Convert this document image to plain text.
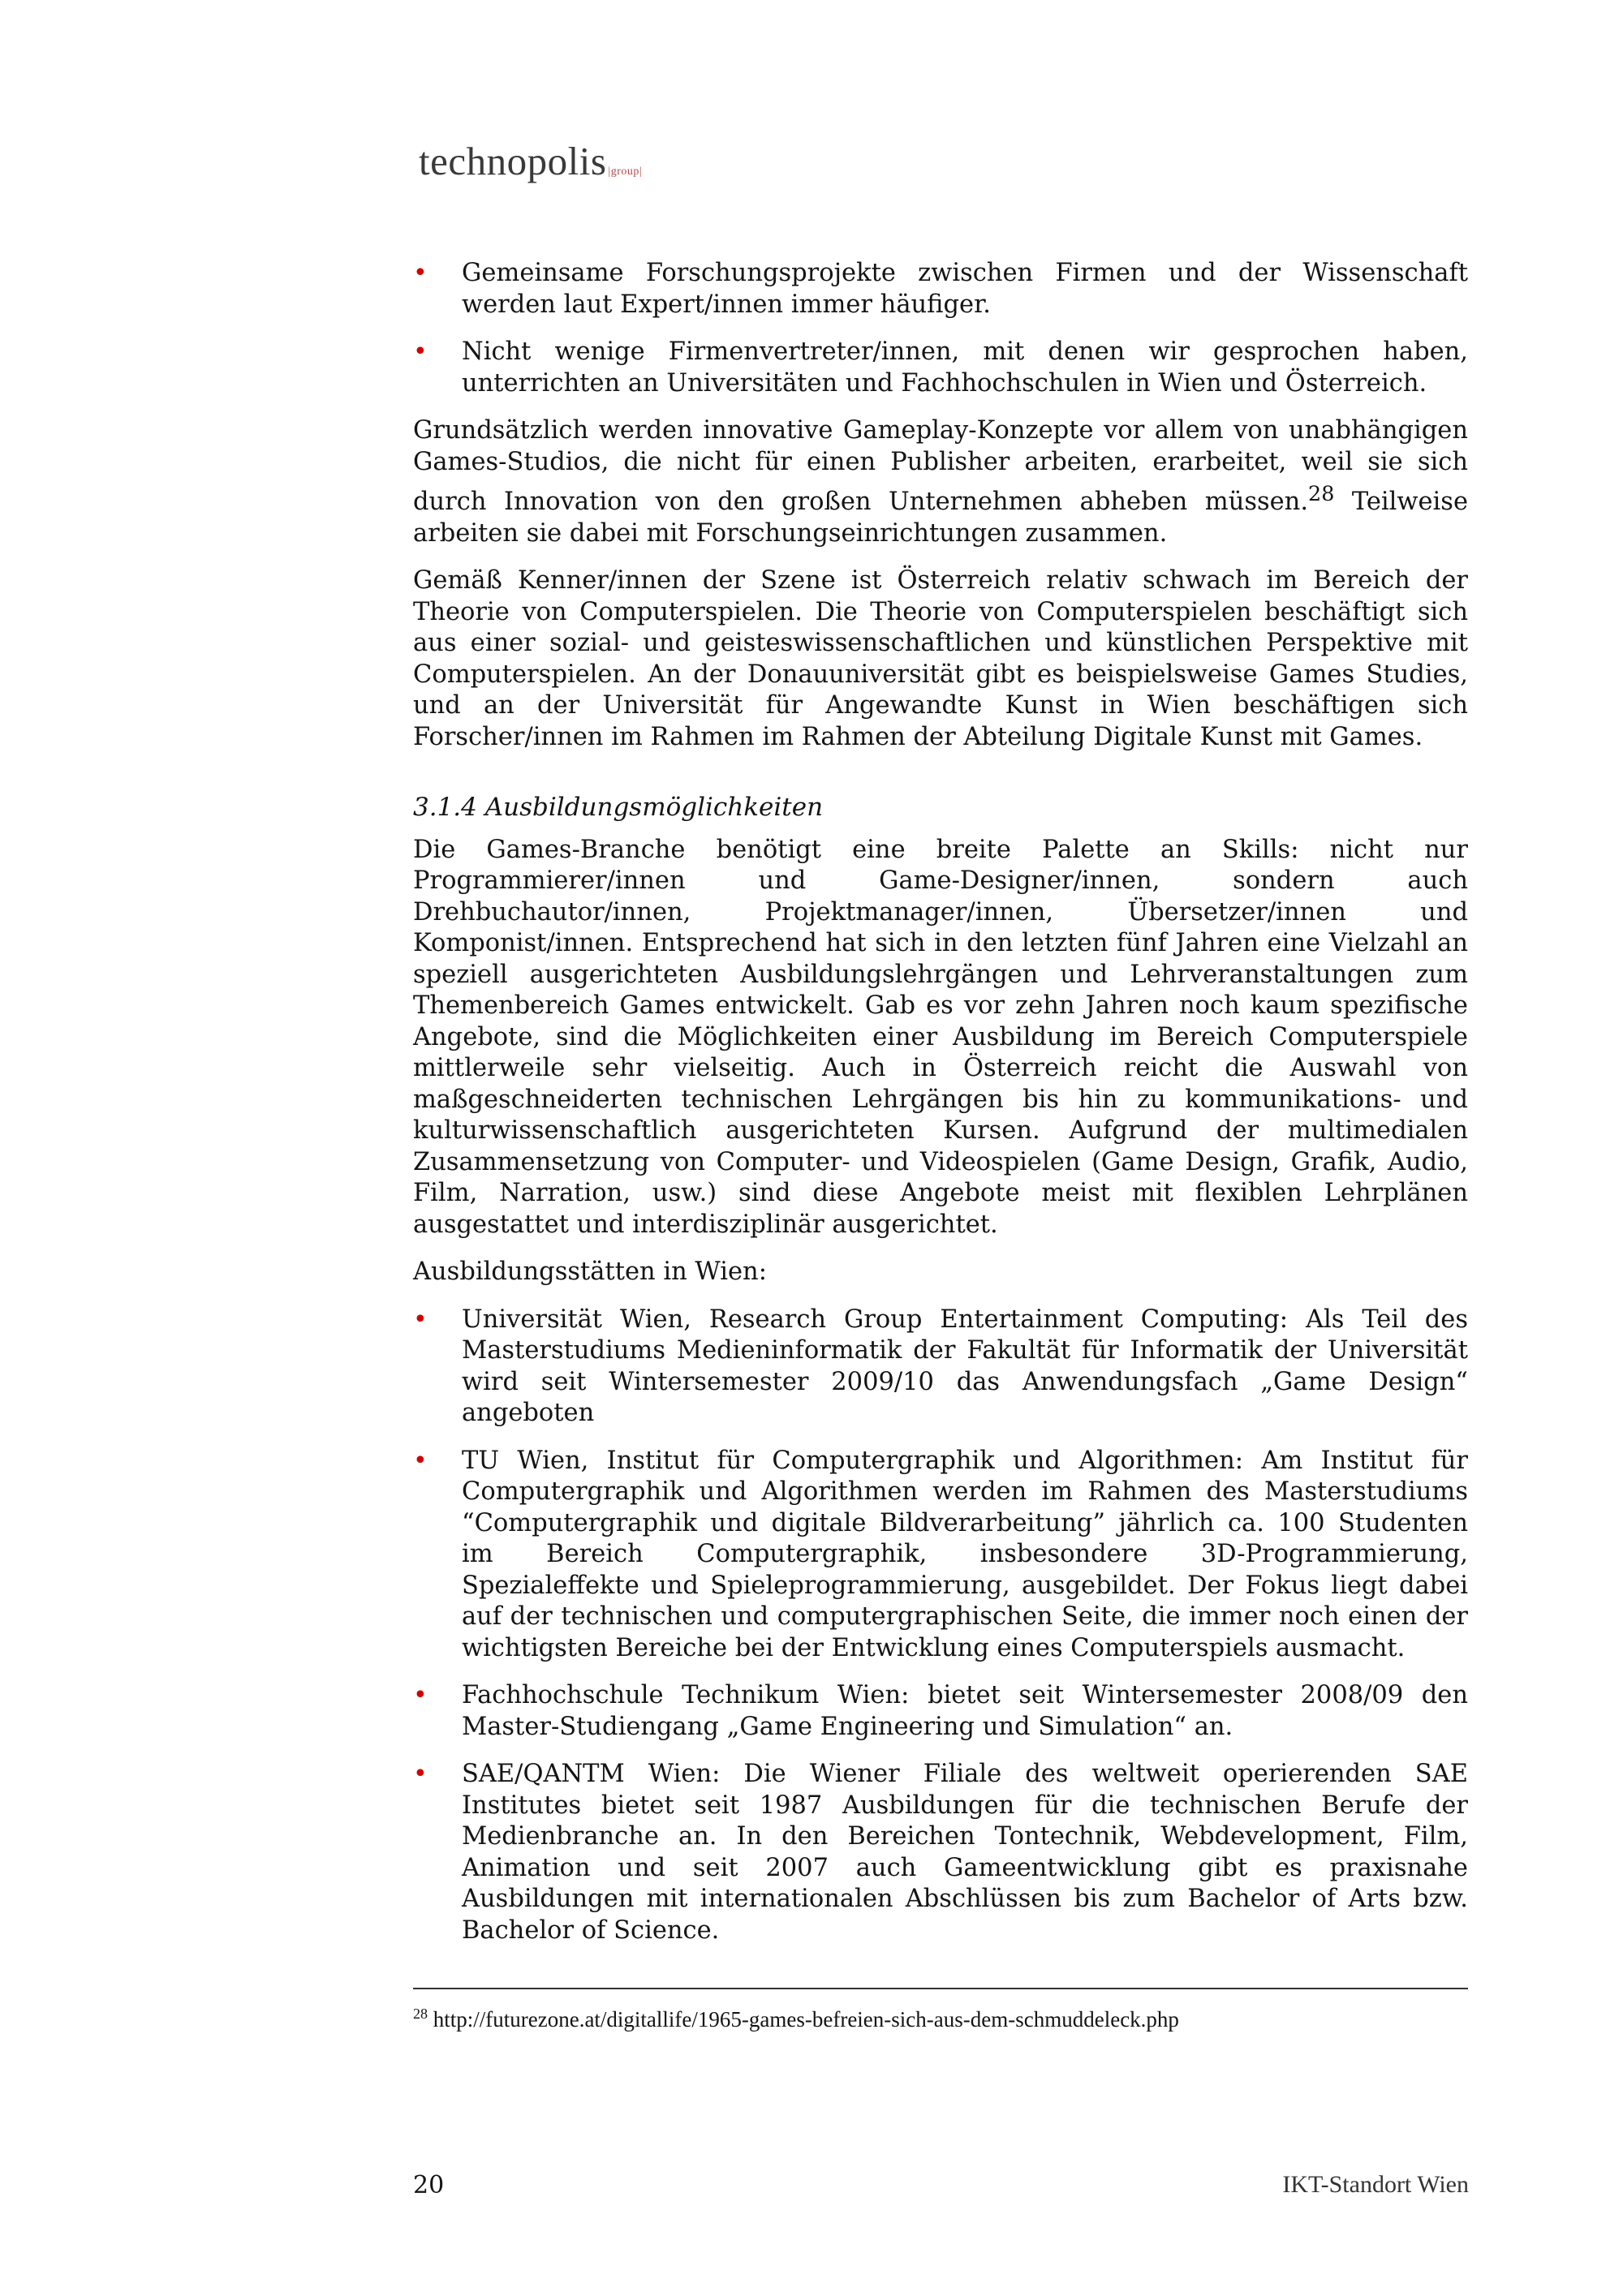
technopolis |group|
• Gemeinsame Forschungsprojekte zwischen Firmen und der Wissenschaft werden laut Expert/innen immer häufiger.
• Nicht wenige Firmenvertreter/innen, mit denen wir gesprochen haben, unterrichten an Universitäten und Fachhochschulen in Wien und Österreich.

Grundsätzlich werden innovative Gameplay-Konzepte vor allem von unabhängigen Games-Studios, die nicht für einen Publisher arbeiten, erarbeitet, weil sie sich durch Innovation von den großen Unternehmen abheben müssen.$^{28}$ Teilweise arbeiten sie dabei mit Forschungseinrichtungen zusammen.

Gemäß Kenner/innen der Szene ist Österreich relativ schwach im Bereich der Theorie von Computerspielen. Die Theorie von Computerspielen beschäftigt sich aus einer sozial- und geisteswissenschaftlichen und künstlichen Perspektive mit Computerspielen. An der Donauuniversität gibt es beispielsweise Games Studies, und an der Universität für Angewandte Kunst in Wien beschäftigen sich Forscher/innen im Rahmen im Rahmen der Abteilung Digitale Kunst mit Games.

3.1.4 Ausbildungsmöglichkeiten

Die Games-Branche benötigt eine breite Palette an Skills: nicht nur Programmierer/innen und Game-Designer/innen, sondern auch Drehbuchautor/innen, Projektmanager/innen, Übersetzer/innen und Komponist/innen. Entsprechend hat sich in den letzten fünf Jahren eine Vielzahl an speziell ausgerichteten Ausbildungslehrgängen und Lehrveranstaltungen zum Themenbereich Games entwickelt. Gab es vor zehn Jahren noch kaum spezifische Angebote, sind die Möglichkeiten einer Ausbildung im Bereich Computerspiele mittlerweile sehr vielseitig. Auch in Österreich reicht die Auswahl von maßgeschneiderten technischen Lehrgängen bis hin zu kommunikations- und kulturwissenschaftlich ausgerichteten Kursen. Aufgrund der multimedialen Zusammensetzung von Computer- und Videospielen (Game Design, Grafik, Audio, Film, Narration, usw.) sind diese Angebote meist mit flexiblen Lehrplänen ausgestattet und interdisziplinär ausgerichtet.

Ausbildungsstätten in Wien:

• Universität Wien, Research Group Entertainment Computing: Als Teil des Masterstudiums Medieninformatik der Fakultät für Informatik der Universität wird seit Wintersemester 2009/10 das Anwendungsfach „Game Design“ angeboten
• TU Wien, Institut für Computergraphik und Algorithmen: Am Institut für Computergraphik und Algorithmen werden im Rahmen des Masterstudiums “Computergraphik und digitale Bildverarbeitung” jährlich ca. 100 Studenten im Bereich Computergraphik, insbesondere 3D-Programmierung, Spezialeffekte und Spieleprogrammierung, ausgebildet. Der Fokus liegt dabei auf der technischen und computergraphischen Seite, die immer noch einen der wichtigsten Bereiche bei der Entwicklung eines Computerspiels ausmacht.
• Fachhochschule Technikum Wien: bietet seit Wintersemester 2008/09 den Master-Studiengang „Game Engineering und Simulation“ an.
• SAE/QANTM Wien: Die Wiener Filiale des weltweit operierenden SAE Institutes bietet seit 1987 Ausbildungen für die technischen Berufe der Medienbranche an. In den Bereichen Tontechnik, Webdevelopment, Film, Animation und seit 2007 auch Gameentwicklung gibt es praxisnahe Ausbildungen mit internationalen Abschlüssen bis zum Bachelor of Arts bzw. Bachelor of Science.
$^{28}$ http://futurezone.at/digitallife/1965-games-befreien-sich-aus-dem-schmuddeleck.php
20	IKT-Standort Wien
